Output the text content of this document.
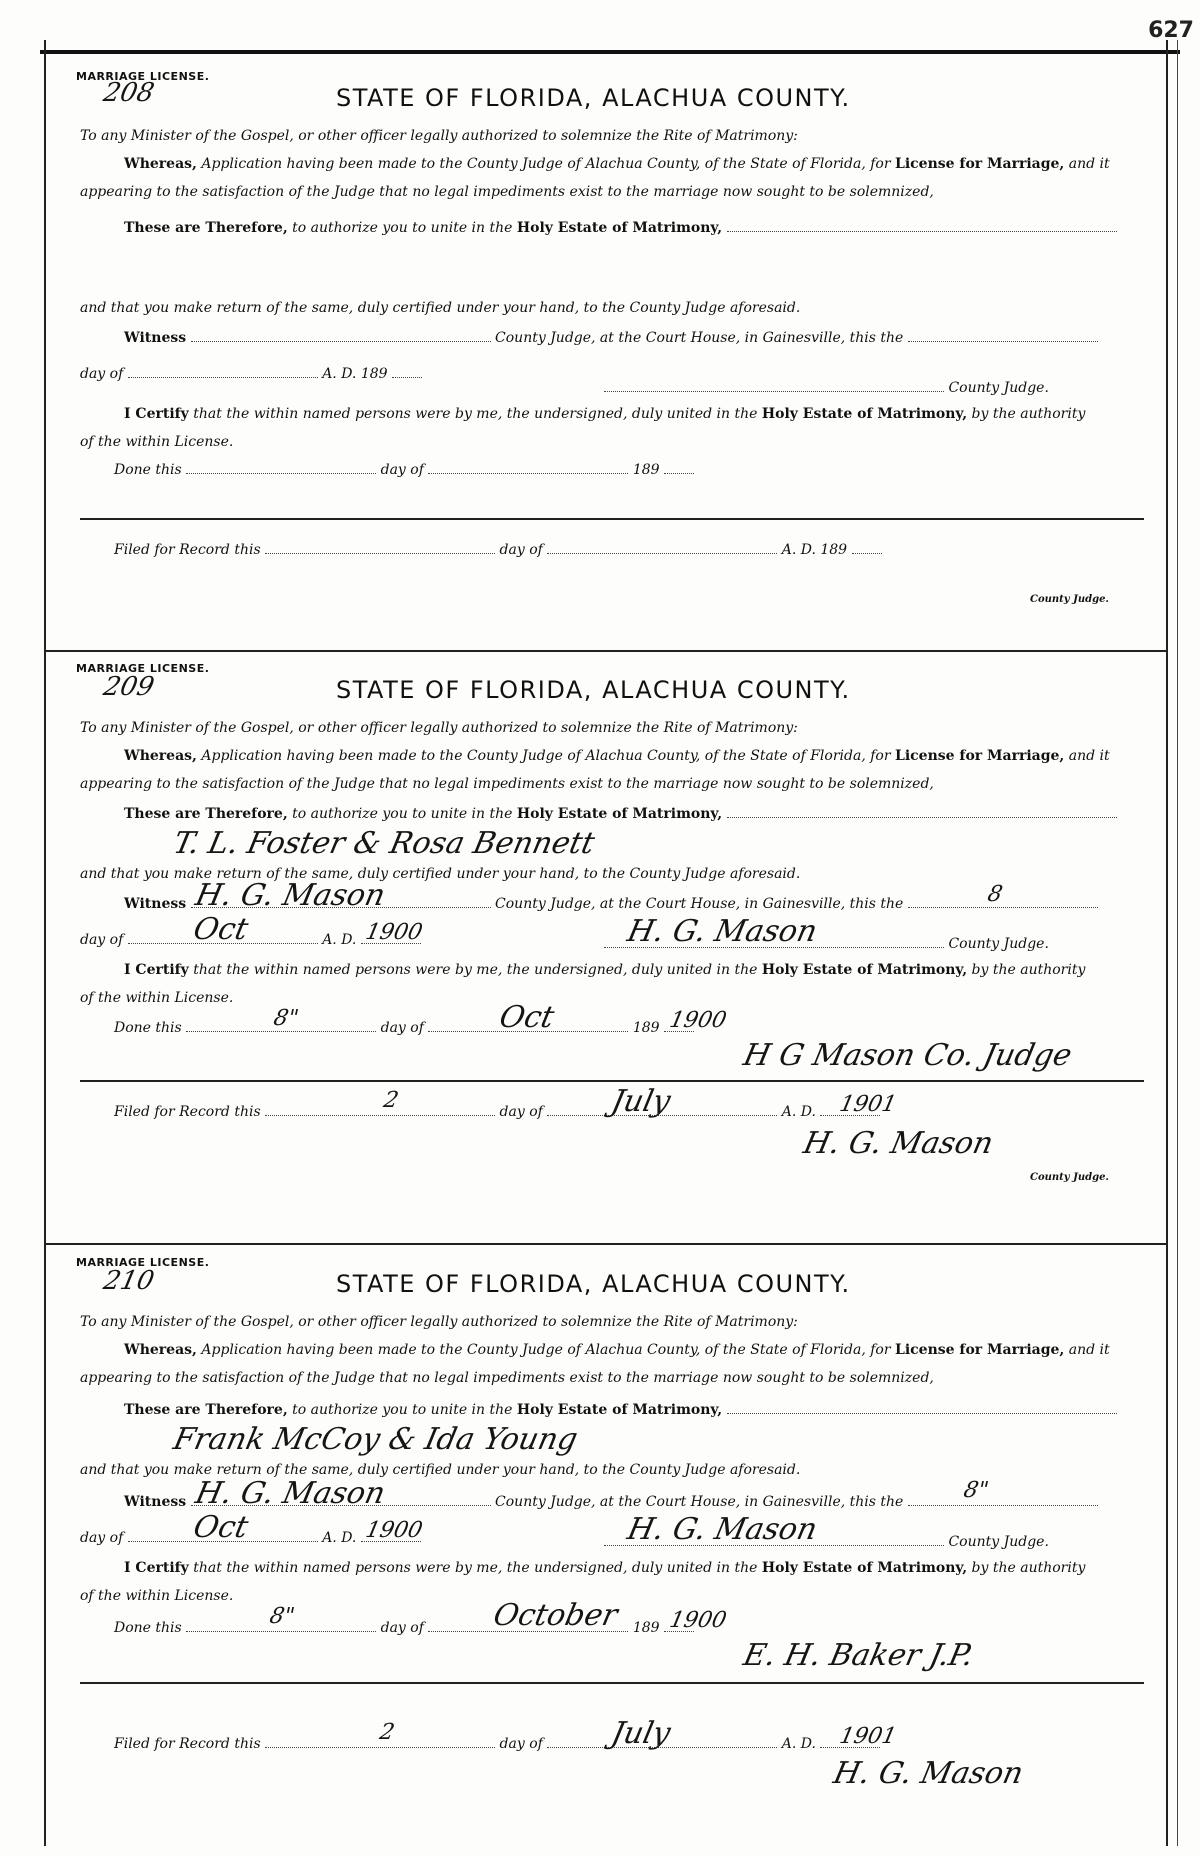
627
MARRIAGE LICENSE.
208	STATE OF FLORIDA, ALACHUA COUNTY.
To any Minister of the Gospel, or other officer legally authorized to solemnize the Rite of Matrimony:
Whereas, Application having been made to the County Judge of Alachua County, of the State of Florida, for License for Marriage, and it
appearing to the satisfaction of the Judge that no legal impediments exist to the marriage now sought to be solemnized,
These are Therefore, to authorize you to unite in the Holy Estate of Matrimony,
and that you make return of the same, duly certified under your hand, to the County Judge aforesaid.
Witness	County Judge, at the Court House, in Gainesville, this the
day of	A. D. 189
County Judge.
I Certify that the within named persons were by me, the undersigned, duly united in the Holy Estate of Matrimony, by the authority
of the within License.
Done this	day of	189
Filed for Record this	day of	A. D. 189
County Judge.
MARRIAGE LICENSE.
209	STATE OF FLORIDA, ALACHUA COUNTY.
To any Minister of the Gospel, or other officer legally authorized to solemnize the Rite of Matrimony:
Whereas, Application having been made to the County Judge of Alachua County, of the State of Florida, for License for Marriage, and it
appearing to the satisfaction of the Judge that no legal impediments exist to the marriage now sought to be solemnized,
These are Therefore, to authorize you to unite in the Holy Estate of Matrimony,
T. L. Foster & Rosa Bennett
and that you make return of the same, duly certified under your hand, to the County Judge aforesaid.
Witness	County Judge, at the Court House, in Gainesville, this the
H. G. Mason	8
day of	A. D.
Oct	1900	H. G. Mason	County Judge.
I Certify that the within named persons were by me, the undersigned, duly united in the Holy Estate of Matrimony, by the authority
of the within License.
Done this	day of	189
8"	Oct	1900
H G Mason Co. Judge
Filed for Record this	day of	A. D.
2	July	1901
H. G. Mason
County Judge.
MARRIAGE LICENSE.
210	STATE OF FLORIDA, ALACHUA COUNTY.
To any Minister of the Gospel, or other officer legally authorized to solemnize the Rite of Matrimony:
Whereas, Application having been made to the County Judge of Alachua County, of the State of Florida, for License for Marriage, and it
appearing to the satisfaction of the Judge that no legal impediments exist to the marriage now sought to be solemnized,
These are Therefore, to authorize you to unite in the Holy Estate of Matrimony,
Frank McCoy & Ida Young
and that you make return of the same, duly certified under your hand, to the County Judge aforesaid.
Witness	County Judge, at the Court House, in Gainesville, this the
H. G. Mason	8"
day of	A. D.
Oct	1900	H. G. Mason	County Judge.
I Certify that the within named persons were by me, the undersigned, duly united in the Holy Estate of Matrimony, by the authority
of the within License.
Done this	day of	189
8"	October 1900
E. H. Baker J.P.
Filed for Record this	day of	A. D.
2	July	1901
H. G. Mason
